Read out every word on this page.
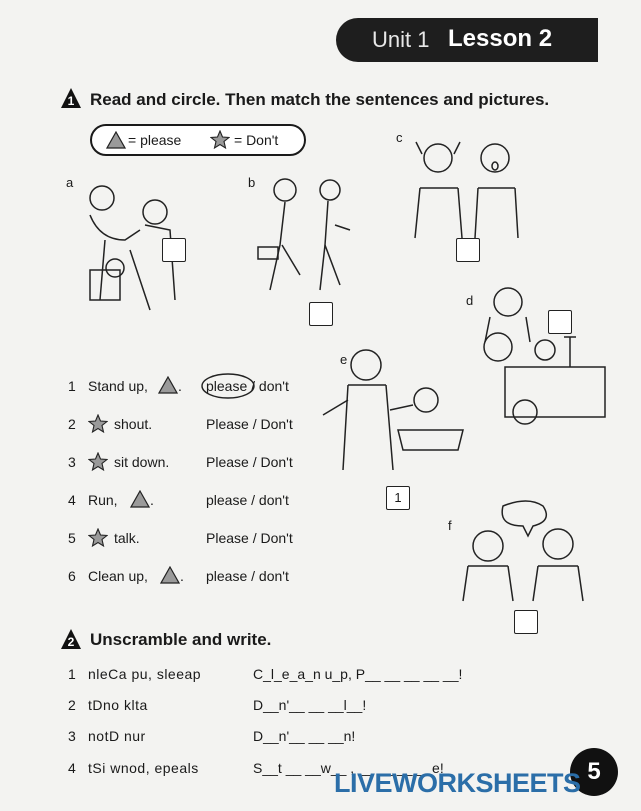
Unit 1 Lesson 2
1 Read and circle. Then match the sentences and pictures.
= please	= Don't
a	b
c
d
e
f
1
1 Stand up, . please / don't
2	shout.	Please / Don't
3	sit down.	Please / Don't
4 Run, .	please / don't
5	talk.	Please / Don't
6 Clean up, . please / don't
2 Unscramble and write.
1 nleCa pu, sleeap	C_l_e_a_n u_p, P__ __ __ __ __!
2 tDno klta	D__n'__ __ __l__!
3 notD nur	D__n'__ __ __n!
4 tSi wnod, epeals	S__t __ __w__ , __ __ __ __e!	5
LIVEWORKSHEETS
